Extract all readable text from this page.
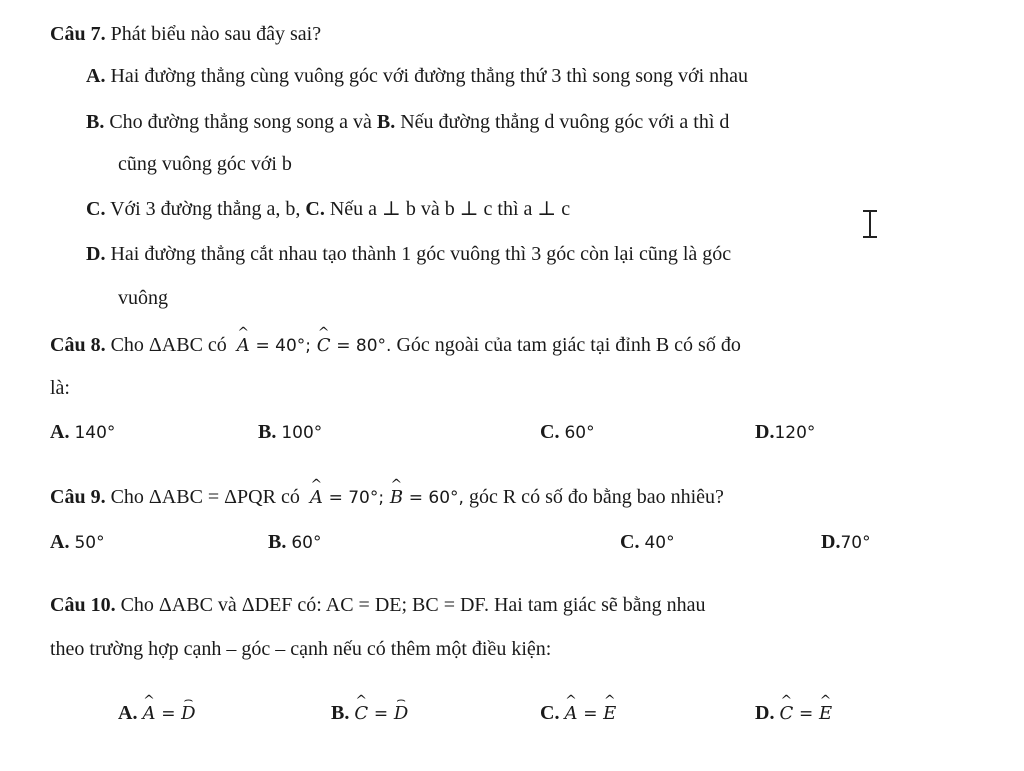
Câu 7. Phát biểu nào sau đây sai?
A. Hai đường thẳng cùng vuông góc với đường thẳng thứ 3 thì song song với nhau
B. Cho đường thẳng song song a và B. Nếu đường thẳng d vuông góc với a thì d
cũng vuông góc với b
C. Với 3 đường thẳng a, b, C. Nếu a ⊥ b và b ⊥ c thì a ⊥ c
D. Hai đường thẳng cắt nhau tạo thành 1 góc vuông thì 3 góc còn lại cũng là góc
vuông
Câu 8. Cho ΔABC có ^ A = 40°; ^ C = 80°. Góc ngoài của tam giác tại đỉnh B có số đo
là:
A. 140°	B. 100°	C. 60°	D.120°
Câu 9. Cho ΔABC = ΔPQR có ^ A = 70°; ^ B = 60°, góc R có số đo bằng bao nhiêu?
A. 50°	B. 60°	C. 40°	D.70°
Câu 10. Cho ΔABC và ΔDEF có: AC = DE; BC = DF. Hai tam giác sẽ bằng nhau
theo trường hợp cạnh – góc – cạnh nếu có thêm một điều kiện:
A. ^ A = ⌢ D	B. ^ C = ⌢ D	C. ^ A = ^ E	D. ^ C = ^ E
